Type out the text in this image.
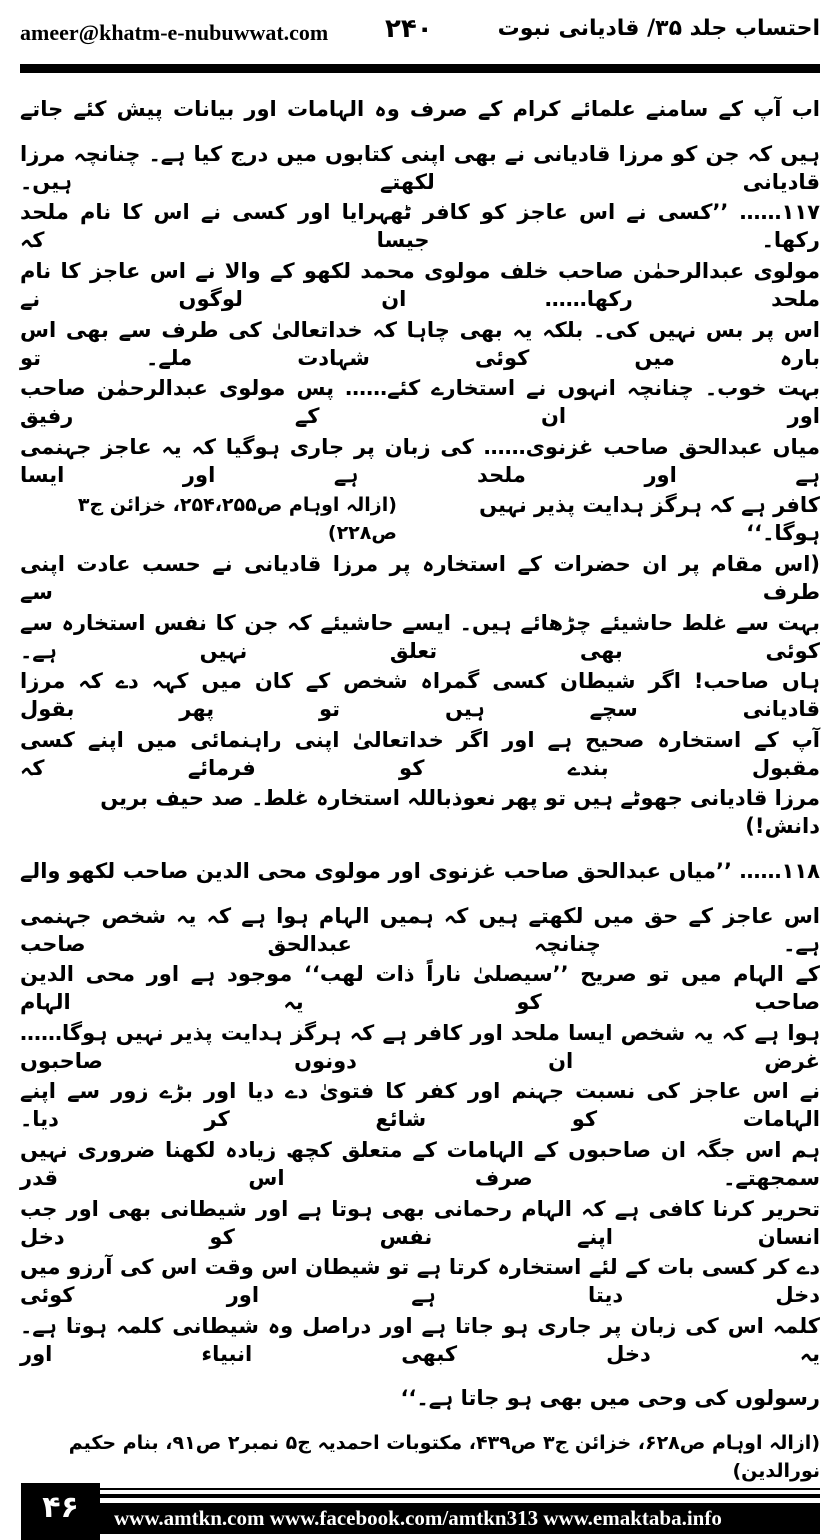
ameer@khatm-e-nubuwwat.com ۲۴۰	احتساب جلد ۳۵/ قادیانی نبوت
اب آپ کے سامنے علمائے کرام کے صرف وہ الہامات اور بیانات پیش کئے جاتے
ہیں کہ جن کو مرزا قادیانی نے بھی اپنی کتابوں میں درج کیا ہے۔ چنانچہ مرزا قادیانی لکھتے ہیں۔
۱۱۷…… ’’کسی نے اس عاجز کو کافر ٹھہرایا اور کسی نے اس کا نام ملحد رکھا۔ جیسا کہ
مولوی عبدالرحمٰن صاحب خلف مولوی محمد لکھو کے والا نے اس عاجز کا نام ملحد رکھا…… ان لوگوں نے
اس پر بس نہیں کی۔ بلکہ یہ بھی چاہا کہ خداتعالیٰ کی طرف سے بھی اس بارہ میں کوئی شہادت ملے۔ تو
بہت خوب۔ چنانچہ انہوں نے استخارے کئے…… پس مولوی عبدالرحمٰن صاحب اور ان کے رفیق
میاں عبدالحق صاحب غزنوی…… کی زبان پر جاری ہوگیا کہ یہ عاجز جہنمی ہے اور ملحد ہے اور ایسا
کافر ہے کہ ہرگز ہدایت پذیر نہیں ہوگا۔‘‘
(ازالہ اوہام ص۲۵۴،۲۵۵، خزائن ج۳ ص۲۲۸)
(اس مقام پر ان حضرات کے استخارہ پر مرزا قادیانی نے حسب عادت اپنی طرف سے
بہت سے غلط حاشیئے چڑھائے ہیں۔ ایسے حاشیئے کہ جن کا نفس استخارہ سے کوئی بھی تعلق نہیں ہے۔
ہاں صاحب! اگر شیطان کسی گمراہ شخص کے کان میں کہہ دے کہ مرزا قادیانی سچے ہیں تو پھر بقول
آپ کے استخارہ صحیح ہے اور اگر خداتعالیٰ اپنی راہنمائی میں اپنے کسی مقبول بندے کو فرمائے کہ
مرزا قادیانی جھوٹے ہیں تو پھر نعوذباللہ استخارہ غلط۔ صد حیف بریں دانش!)
۱۱۸…… ’’میاں عبدالحق صاحب غزنوی اور مولوی محی الدین صاحب لکھو والے
اس عاجز کے حق میں لکھتے ہیں کہ ہمیں الہام ہوا ہے کہ یہ شخص جہنمی ہے۔ چنانچہ عبدالحق صاحب
کے الہام میں تو صریح ’’سیصلیٰ ناراً ذات لھب‘‘ موجود ہے اور محی الدین صاحب کو یہ الہام
ہوا ہے کہ یہ شخص ایسا ملحد اور کافر ہے کہ ہرگز ہدایت پذیر نہیں ہوگا…… غرض ان دونوں صاحبوں
نے اس عاجز کی نسبت جہنم اور کفر کا فتویٰ دے دیا اور بڑے زور سے اپنے الہامات کو شائع کر دیا۔
ہم اس جگہ ان صاحبوں کے الہامات کے متعلق کچھ زیادہ لکھنا ضروری نہیں سمجھتے۔ صرف اس قدر
تحریر کرنا کافی ہے کہ الہام رحمانی بھی ہوتا ہے اور شیطانی بھی اور جب انسان اپنے نفس کو دخل
دے کر کسی بات کے لئے استخارہ کرتا ہے تو شیطان اس وقت اس کی آرزو میں دخل دیتا ہے اور کوئی
کلمہ اس کی زبان پر جاری ہو جاتا ہے اور دراصل وہ شیطانی کلمہ ہوتا ہے۔ یہ دخل کبھی انبیاء اور
رسولوں کی وحی میں بھی ہو جاتا ہے۔‘‘
(ازالہ اوہام ص۶۲۸، خزائن ج۳ ص۴۳۹، مکتوبات احمدیہ ج۵ نمبر۲ ص۹۱، بنام حکیم نورالدین)
۴۶	www.amtkn.com www.facebook.com/amtkn313 www.emaktaba.info
